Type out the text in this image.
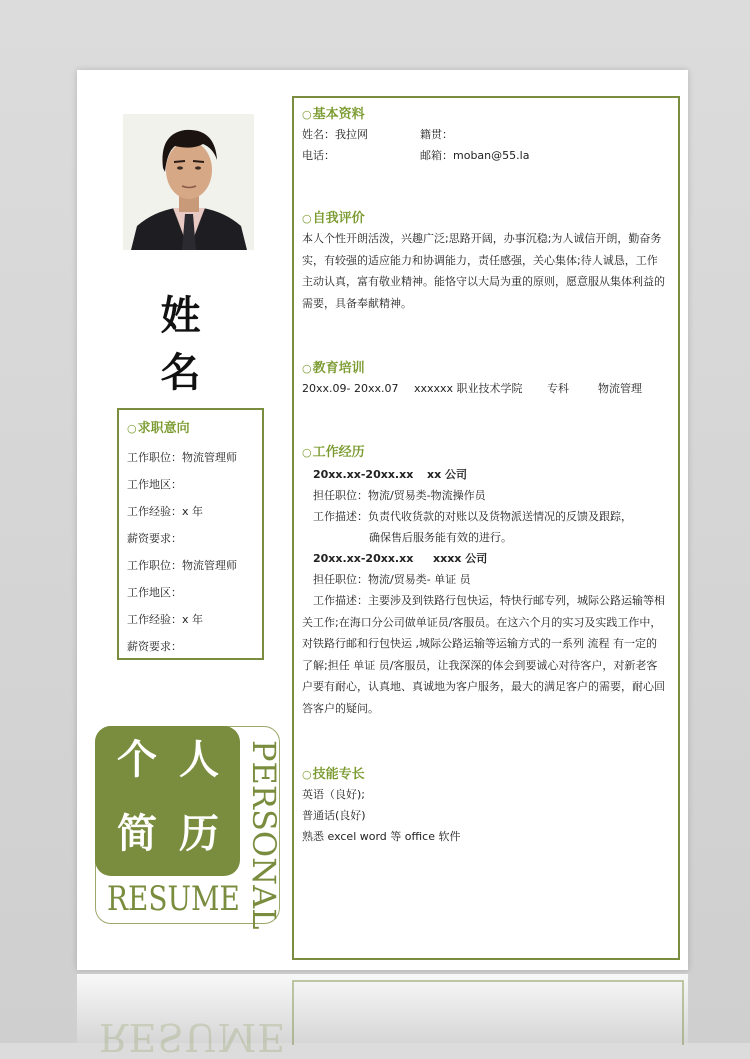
姓 名
○求职意向
工作职位：物流管理师
工作地区：
工作经验：x 年
薪资要求：
工作职位：物流管理师
工作地区：
工作经验：x 年
薪资要求：
个 人
简 历 PERSONAL
RESUME
○基本资料
姓名：我拉网	籍贯：
电话：	邮箱：moban@55.la
○自我评价
本人个性开朗活泼，兴趣广泛;思路开阔，办事沉稳;为人诚信开朗，勤奋务
实，有较强的适应能力和协调能力，责任感强，关心集体;待人诚恳，工作
主动认真，富有敬业精神。能恪守以大局为重的原则，愿意服从集体利益的
需要，具备奉献精神。
○教育培训
20xx.09- 20xx.07 xxxxxx 职业技术学院 专科	物流管理
○工作经历
20xx.xx-20xx.xx xx 公司
担任职位：物流/贸易类-物流操作员
工作描述：负责代收货款的对账以及货物派送情况的反馈及跟踪，
确保售后服务能有效的进行。
20xx.xx-20xx.xx xxxx 公司
担任职位：物流/贸易类- 单证 员
工作描述：主要涉及到铁路行包快运，特快行邮专列，城际公路运输等相
关工作;在海口分公司做单证员/客服员。在这六个月的实习及实践工作中，
对铁路行邮和行包快运 ,城际公路运输等运输方式的一系列 流程 有一定的
了解;担任 单证 员/客服员，让我深深的体会到要诚心对待客户，对新老客
户要有耐心，认真地、真诚地为客户服务，最大的满足客户的需要，耐心回
答客户的疑问。
○技能专长
英语（良好);
普通话(良好)
熟悉 excel word 等 office 软件
RESUME
